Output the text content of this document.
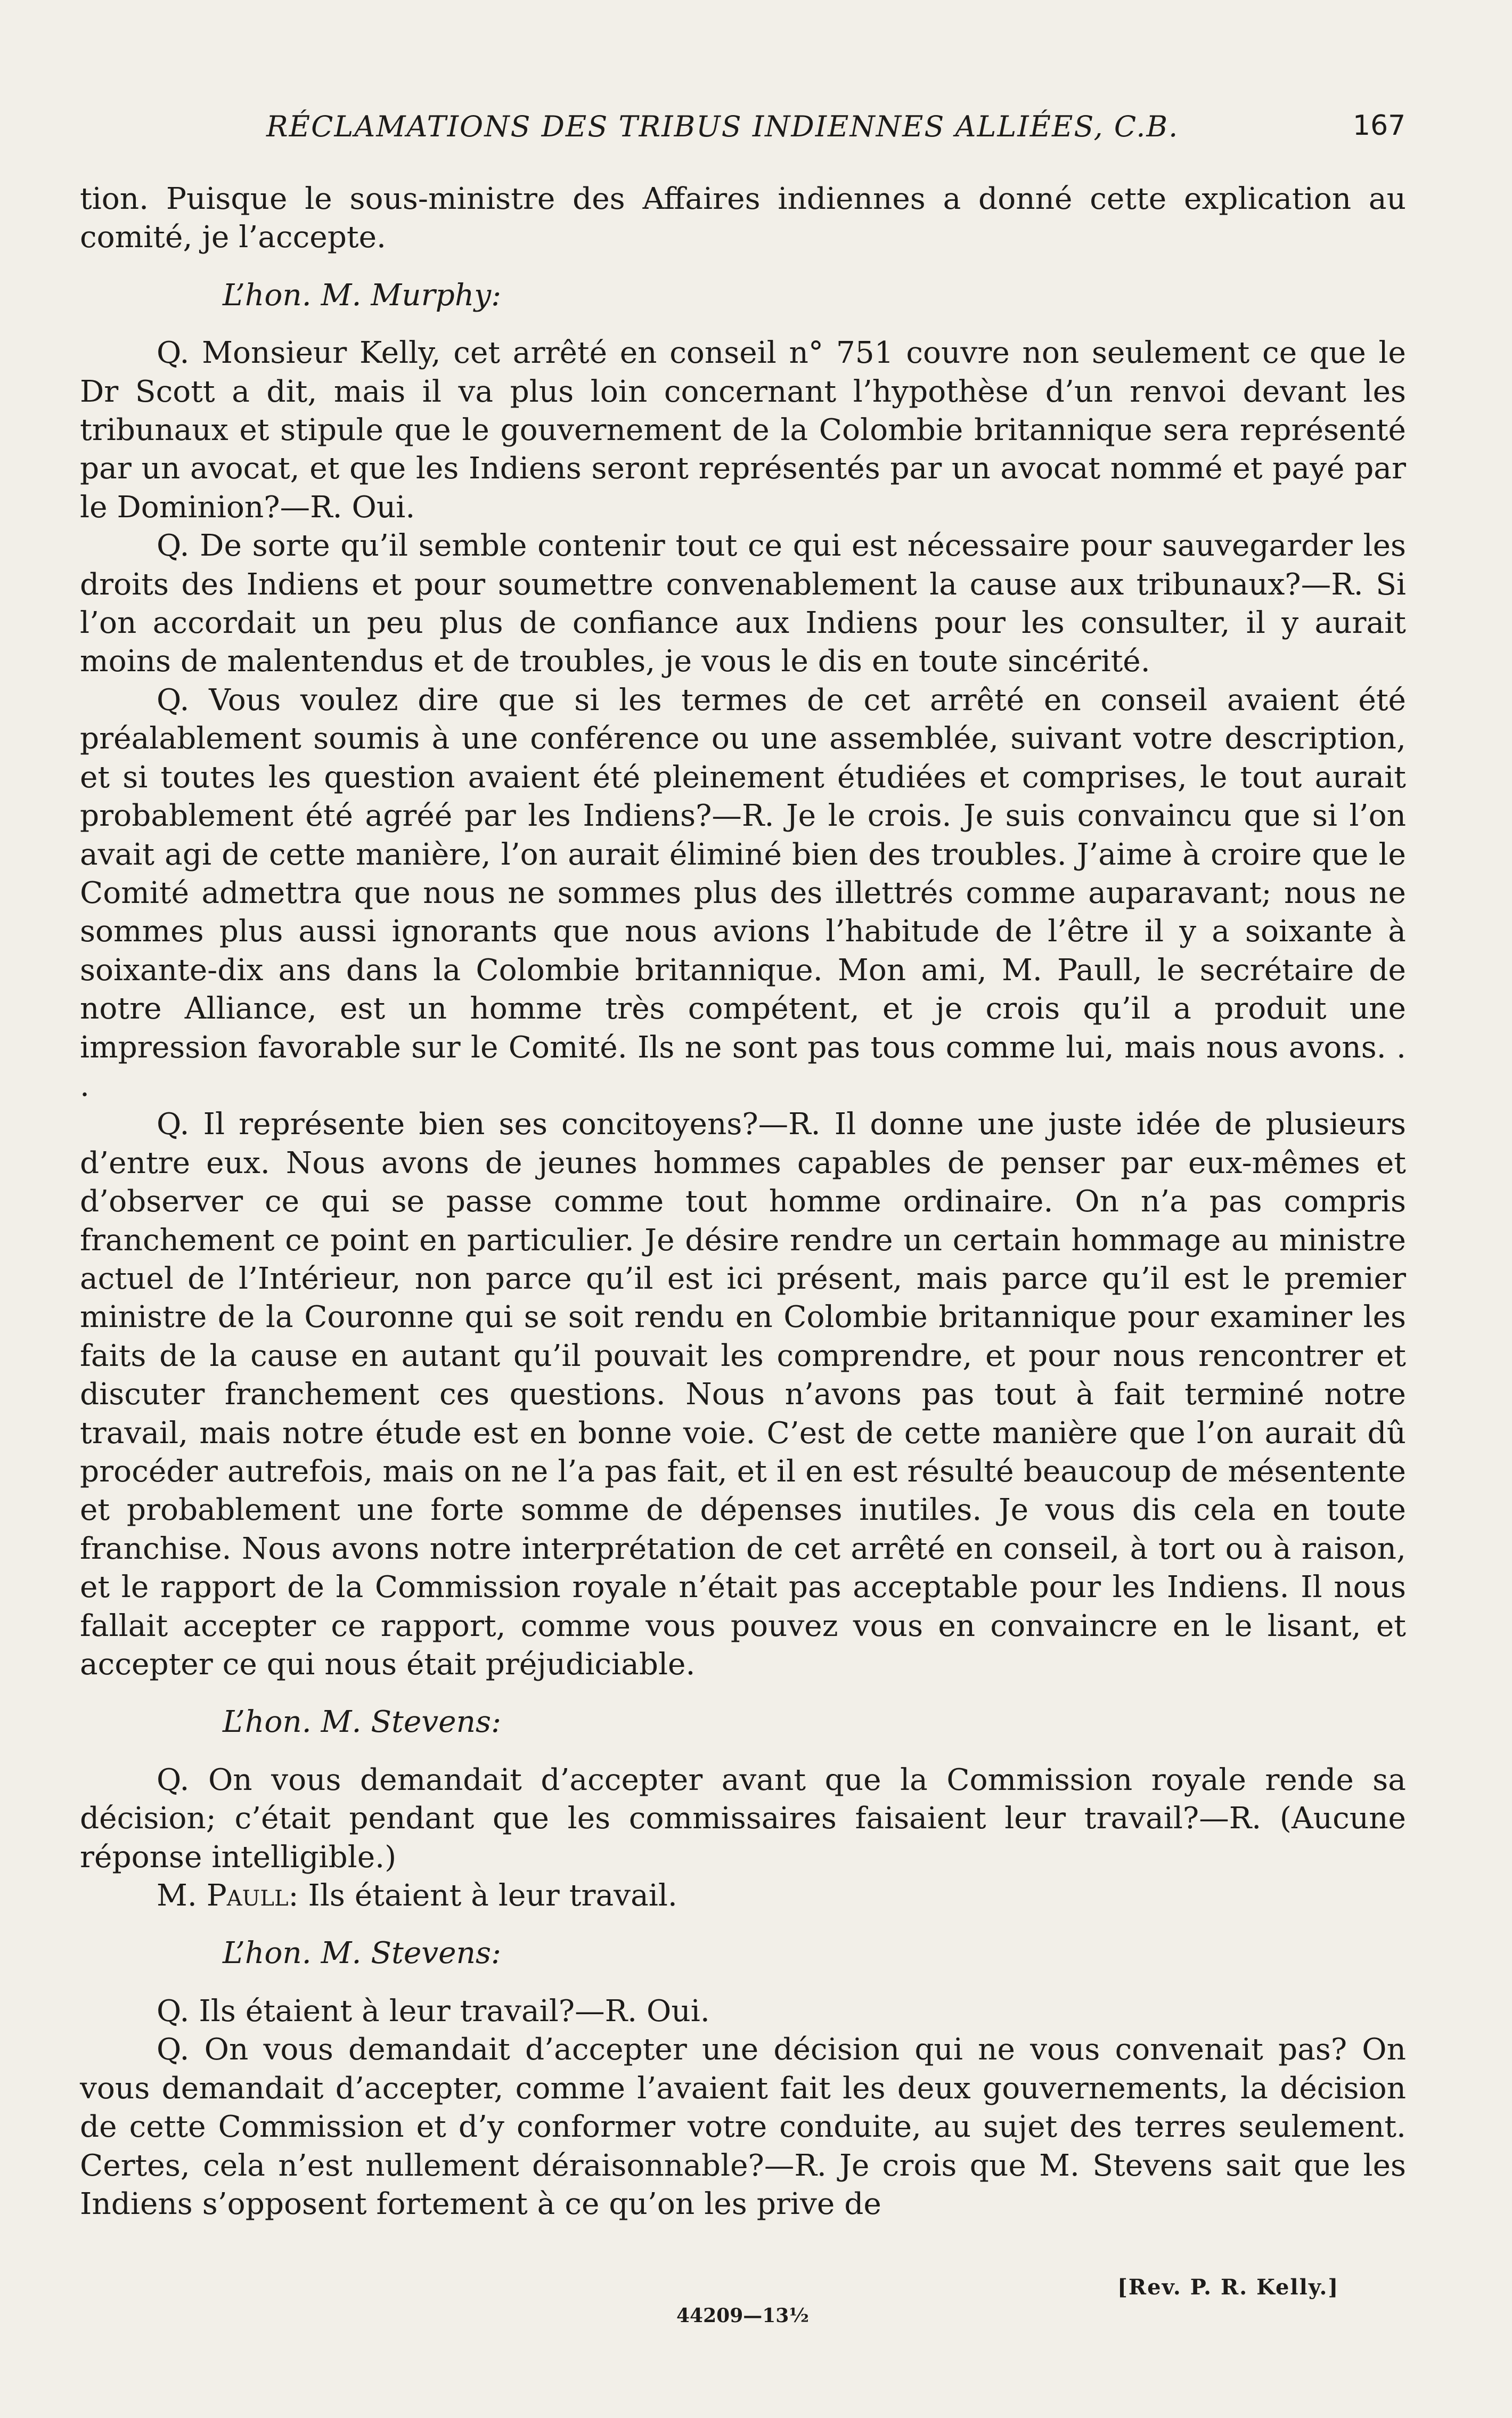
RÉCLAMATIONS DES TRIBUS INDIENNES ALLIÉES, C.B.	167

tion. Puisque le sous-ministre des Affaires indiennes a donné cette explication au comité, je l’accepte.

L’hon. M. Murphy:

Q. Monsieur Kelly, cet arrêté en conseil n° 751 couvre non seulement ce que le Dr Scott a dit, mais il va plus loin concernant l’hypothèse d’un renvoi devant les tribunaux et stipule que le gouvernement de la Colombie britannique sera représenté par un avocat, et que les Indiens seront représentés par un avocat nommé et payé par le Dominion?—R. Oui.

Q. De sorte qu’il semble contenir tout ce qui est nécessaire pour sauvegarder les droits des Indiens et pour soumettre convenablement la cause aux tribunaux?—R. Si l’on accordait un peu plus de confiance aux Indiens pour les consulter, il y aurait moins de malentendus et de troubles, je vous le dis en toute sincérité.

Q. Vous voulez dire que si les termes de cet arrêté en conseil avaient été préalablement soumis à une conférence ou une assemblée, suivant votre description, et si toutes les question avaient été pleinement étudiées et comprises, le tout aurait probablement été agréé par les Indiens?—R. Je le crois. Je suis convaincu que si l’on avait agi de cette manière, l’on aurait éliminé bien des troubles. J’aime à croire que le Comité admettra que nous ne sommes plus des illettrés comme auparavant; nous ne sommes plus aussi ignorants que nous avions l’habitude de l’être il y a soixante à soixante-dix ans dans la Colombie britannique. Mon ami, M. Paull, le secrétaire de notre Alliance, est un homme très compétent, et je crois qu’il a produit une impression favorable sur le Comité. Ils ne sont pas tous comme lui, mais nous avons. . .

Q. Il représente bien ses concitoyens?—R. Il donne une juste idée de plusieurs d’entre eux. Nous avons de jeunes hommes capables de penser par eux-mêmes et d’observer ce qui se passe comme tout homme ordinaire. On n’a pas compris franchement ce point en particulier. Je désire rendre un certain hommage au ministre actuel de l’Intérieur, non parce qu’il est ici présent, mais parce qu’il est le premier ministre de la Couronne qui se soit rendu en Colombie britannique pour examiner les faits de la cause en autant qu’il pouvait les comprendre, et pour nous rencontrer et discuter franchement ces questions. Nous n’avons pas tout à fait terminé notre travail, mais notre étude est en bonne voie. C’est de cette manière que l’on aurait dû procéder autrefois, mais on ne l’a pas fait, et il en est résulté beaucoup de mésentente et probablement une forte somme de dépenses inutiles. Je vous dis cela en toute franchise. Nous avons notre interprétation de cet arrêté en conseil, à tort ou à raison, et le rapport de la Commission royale n’était pas acceptable pour les Indiens. Il nous fallait accepter ce rapport, comme vous pouvez vous en convaincre en le lisant, et accepter ce qui nous était préjudiciable.

L’hon. M. Stevens:

Q. On vous demandait d’accepter avant que la Commission royale rende sa décision; c’était pendant que les commissaires faisaient leur travail?—R. (Aucune réponse intelligible.)

M. Paull: Ils étaient à leur travail.

L’hon. M. Stevens:

Q. Ils étaient à leur travail?—R. Oui.

Q. On vous demandait d’accepter une décision qui ne vous convenait pas? On vous demandait d’accepter, comme l’avaient fait les deux gouvernements, la décision de cette Commission et d’y conformer votre conduite, au sujet des terres seulement. Certes, cela n’est nullement déraisonnable?—R. Je crois que M. Stevens sait que les Indiens s’opposent fortement à ce qu’on les prive de

[Rev. P. R. Kelly.]
44209—13½
